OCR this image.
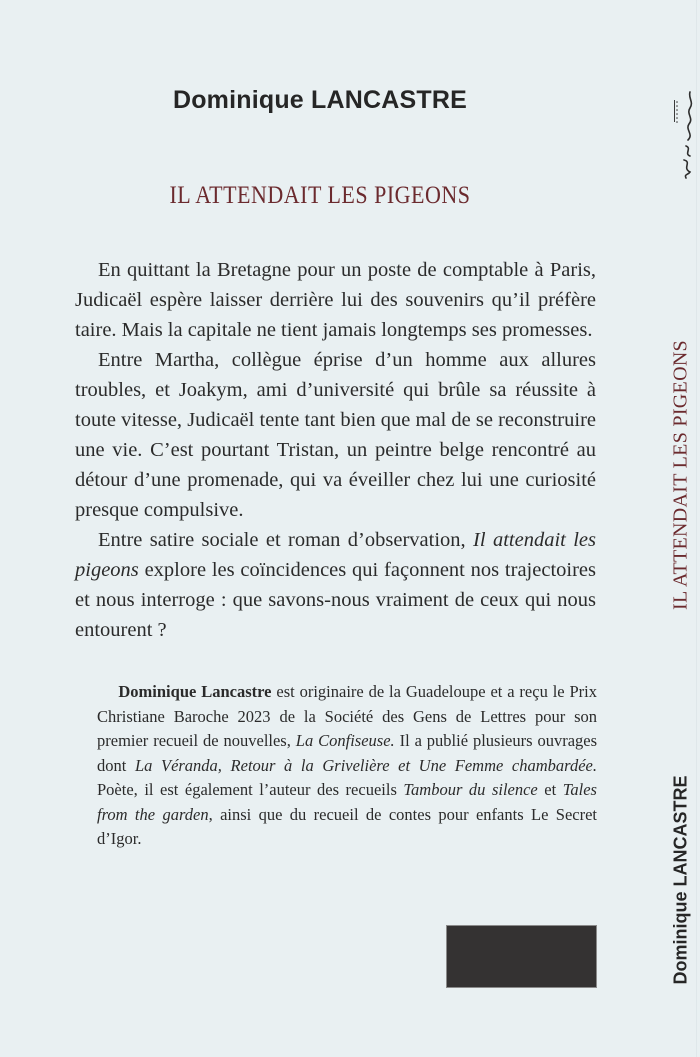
Dominique LANCASTRE
IL ATTENDAIT LES PIGEONS

En quittant la Bretagne pour un poste de comptable à Paris, Judicaël espère laisser derrière lui des souvenirs qu’il préfère taire. Mais la capitale ne tient jamais longtemps ses promesses.

Entre Martha, collègue éprise d’un homme aux allures troubles, et Joakym, ami d’université qui brûle sa réussite à toute vitesse, Judicaël tente tant bien que mal de se reconstruire une vie. C’est pourtant Tristan, un peintre belge rencontré au détour d’une promenade, qui va éveiller chez lui une curiosité presque compulsive.

Entre satire sociale et roman d’observation, Il attendait les pigeons explore les coïncidences qui façonnent nos trajectoires et nous interroge : que savons-nous vraiment de ceux qui nous entourent ?

  Dominique Lancastre est originaire de la Guadeloupe et a reçu le Prix Christiane Baroche 2023 de la Société des Gens de Lettres pour son premier recueil de nouvelles, La Confiseuse. Il a publié plusieurs ouvrages dont La Véranda, Retour à la Grivelière et Une Femme chambardée. Poète, il est également l’auteur des recueils Tambour du silence et Tales from the garden, ainsi que du recueil de contes pour enfants Le Secret d’Igor.

IL ATTENDAIT LES PIGEONS
Dominique LANCASTRE
